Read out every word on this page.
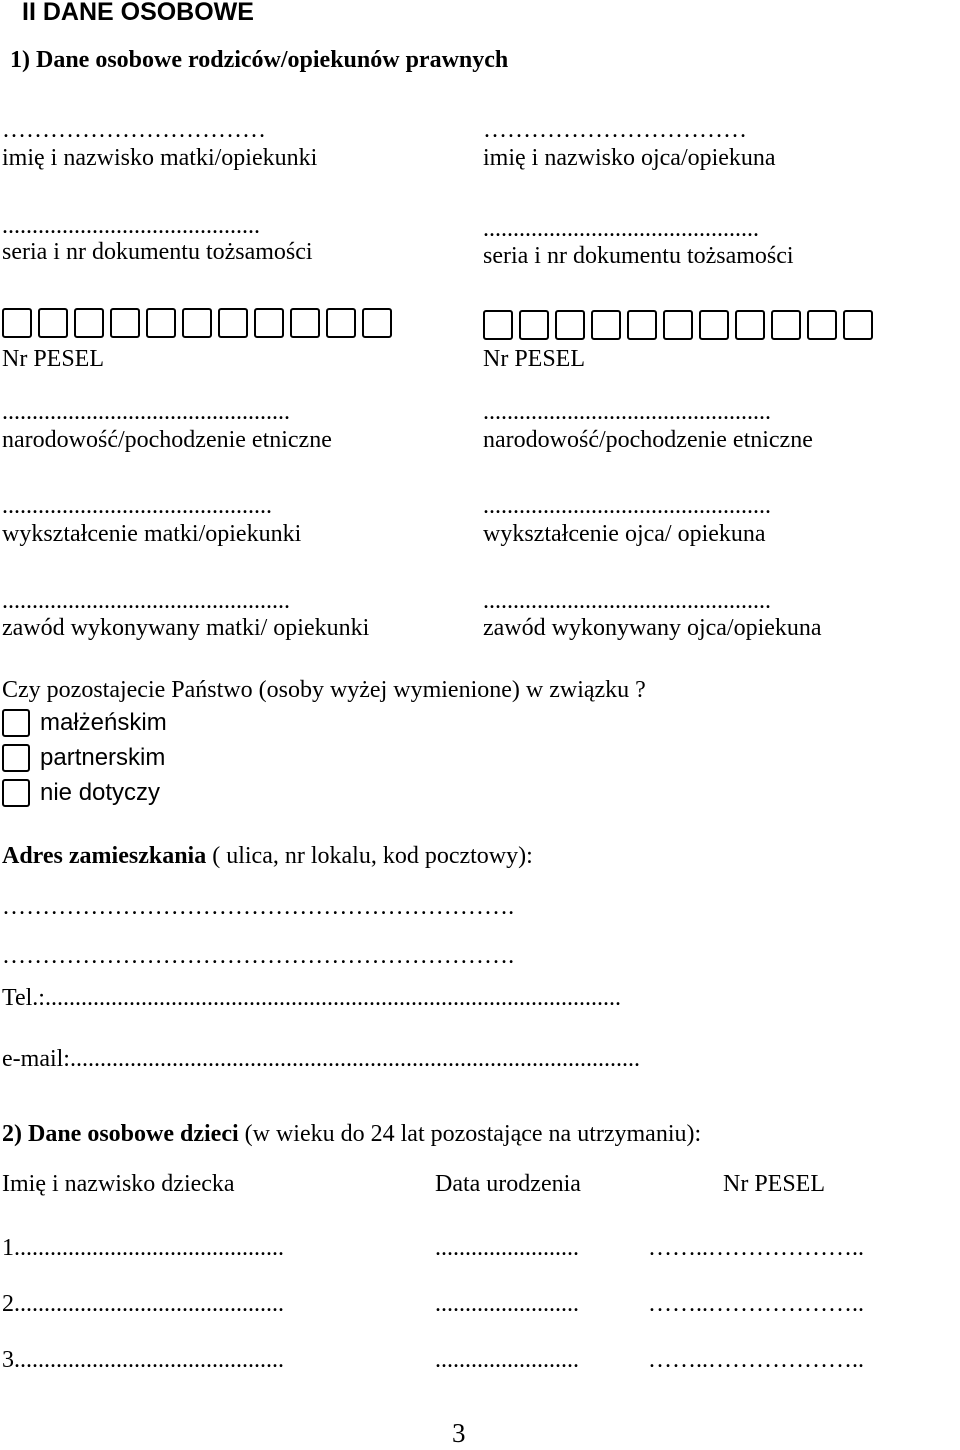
II DANE OSOBOWE
1) Dane osobowe rodziców/opiekunów prawnych
……………………………
imię i nazwisko matki/opiekunki
...........................................
seria i nr dokumentu tożsamości
Nr PESEL
................................................
narodowość/pochodzenie etniczne
.............................................
wykształcenie matki/opiekunki
................................................
zawód wykonywany matki/ opiekunki
……………………………
imię i nazwisko ojca/opiekuna
..............................................
seria i nr dokumentu tożsamości
Nr PESEL
................................................
narodowość/pochodzenie etniczne
................................................
wykształcenie ojca/ opiekuna
................................................
zawód wykonywany ojca/opiekuna
Czy pozostajecie Państwo (osoby wyżej wymienione) w związku ?
małżeńskim
partnerskim
nie dotyczy
Adres zamieszkania ( ulica, nr lokalu, kod pocztowy):
……………………………………………………….
……………………………………………………….
Tel.:................................................................................................
e-mail:...............................................................................................
2) Dane osobowe dzieci (w wieku do 24 lat pozostające na utrzymaniu):
Imię i nazwisko dziecka	Data urodzenia	Nr PESEL
1.............................................	........................	……..………………..
2.............................................	........................	……..………………..
3.............................................	........................	……..………………..
3
